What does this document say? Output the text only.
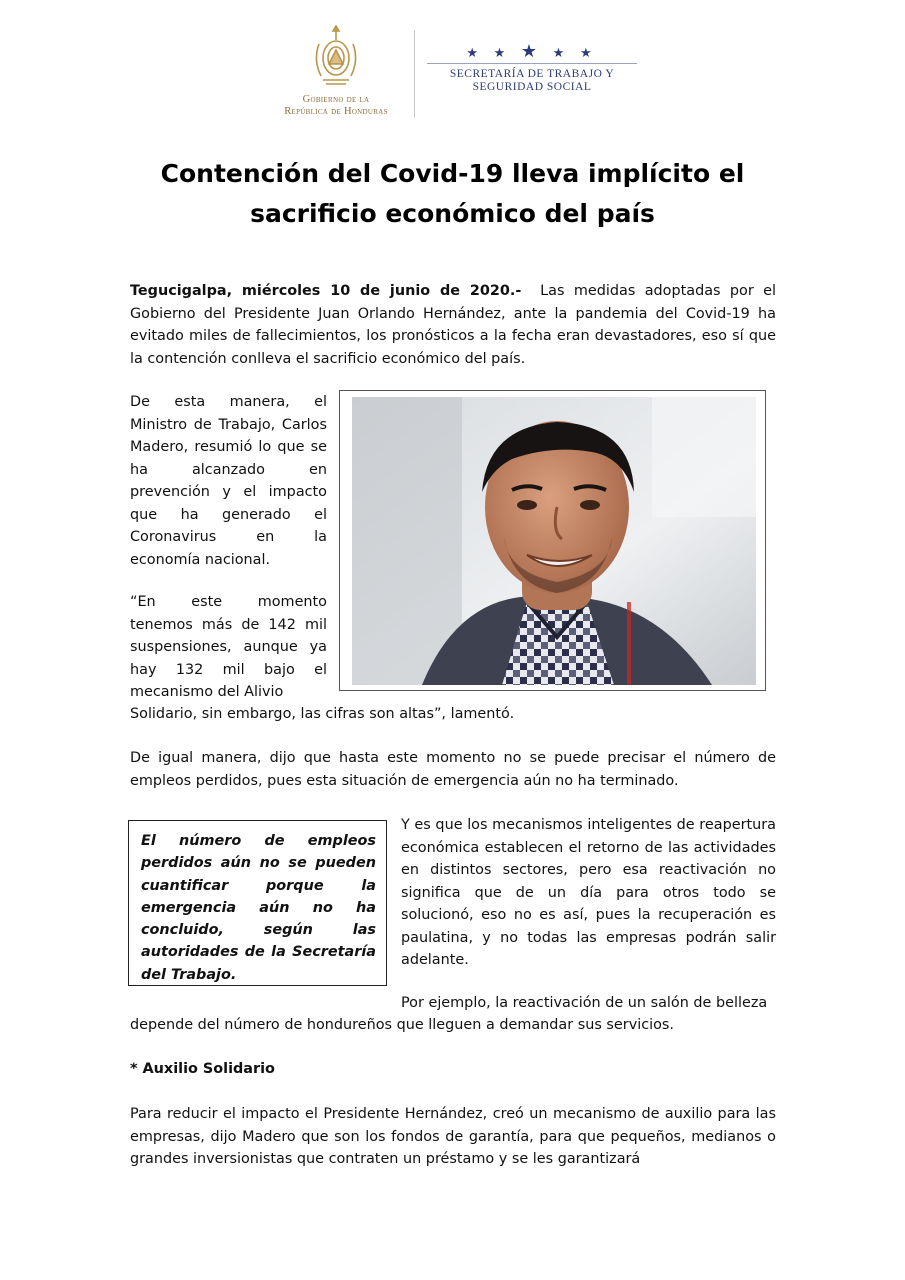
Gobierno de la
República de Honduras
★ ★ ★ ★ ★
SECRETARÍA DE TRABAJO Y
SEGURIDAD SOCIAL
Contención del Covid-19 lleva implícito el
sacrificio económico del país

Tegucigalpa, miércoles 10 de junio de 2020.- Las medidas adoptadas por el Gobierno del Presidente Juan Orlando Hernández, ante la pandemia del Covid-19 ha evitado miles de fallecimientos, los pronósticos a la fecha eran devastadores, eso sí que la contención conlleva el sacrificio económico del país.

De esta manera, el Ministro de Trabajo, Carlos Madero, resumió lo que se ha alcanzado en prevención y el impacto que ha generado el Coronavirus en la economía nacional.

“En este momento tenemos más de 142 mil suspensiones, aunque ya hay 132 mil bajo el mecanismo del Alivio

Solidario, sin embargo, las cifras son altas”, lamentó.

De igual manera, dijo que hasta este momento no se puede precisar el número de empleos perdidos, pues esta situación de emergencia aún no ha terminado.

El número de empleos perdidos aún no se pueden cuantificar porque la emergencia aún no ha concluido, según las autoridades de la Secretaría del Trabajo.

Y es que los mecanismos inteligentes de reapertura económica establecen el retorno de las actividades en distintos sectores, pero esa reactivación no significa que de un día para otros todo se solucionó, eso no es así, pues la recuperación es paulatina, y no todas las empresas podrán salir adelante.

Por ejemplo, la reactivación de un salón de belleza

depende del número de hondureños que lleguen a demandar sus servicios.

* Auxilio Solidario

Para reducir el impacto el Presidente Hernández, creó un mecanismo de auxilio para las empresas, dijo Madero que son los fondos de garantía, para que pequeños, medianos o grandes inversionistas que contraten un préstamo y se les garantizará
